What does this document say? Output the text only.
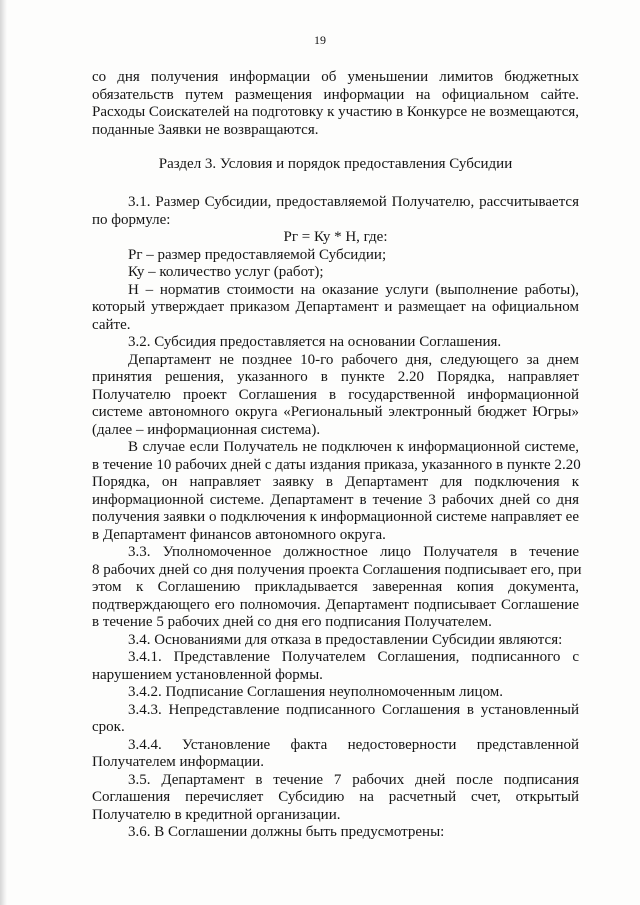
19
со дня получения информации об уменьшении лимитов бюджетных
обязательств путем размещения информации на официальном сайте.
Расходы Соискателей на подготовку к участию в Конкурсе не возмещаются,
поданные Заявки не возвращаются.
Раздел 3. Условия и порядок предоставления Субсидии
3.1. Размер Субсидии, предоставляемой Получателю, рассчитывается
по формуле:
Рг = Ку * Н, где:
Рг – размер предоставляемой Субсидии;
Ку – количество услуг (работ);
Н – норматив стоимости на оказание услуги (выполнение работы),
который утверждает приказом Департамент и размещает на официальном
сайте.
3.2. Субсидия предоставляется на основании Соглашения.
Департамент не позднее 10-го рабочего дня, следующего за днем
принятия решения, указанного в пункте 2.20 Порядка, направляет
Получателю проект Соглашения в государственной информационной
системе автономного округа «Региональный электронный бюджет Югры»
(далее – информационная система).
В случае если Получатель не подключен к информационной системе,
в течение 10 рабочих дней с даты издания приказа, указанного в пункте 2.20
Порядка, он направляет заявку в Департамент для подключения к
информационной системе. Департамент в течение 3 рабочих дней со дня
получения заявки о подключения к информационной системе направляет ее
в Департамент финансов автономного округа.
3.3. Уполномоченное должностное лицо Получателя в течение
8 рабочих дней со дня получения проекта Соглашения подписывает его, при
этом к Соглашению прикладывается заверенная копия документа,
подтверждающего его полномочия. Департамент подписывает Соглашение
в течение 5 рабочих дней со дня его подписания Получателем.
3.4. Основаниями для отказа в предоставлении Субсидии являются:
3.4.1. Представление Получателем Соглашения, подписанного с
нарушением установленной формы.
3.4.2. Подписание Соглашения неуполномоченным лицом.
3.4.3. Непредставление подписанного Соглашения в установленный
срок.
3.4.4. Установление факта недостоверности представленной
Получателем информации.
3.5. Департамент в течение 7 рабочих дней после подписания
Соглашения перечисляет Субсидию на расчетный счет, открытый
Получателю в кредитной организации.
3.6. В Соглашении должны быть предусмотрены:
